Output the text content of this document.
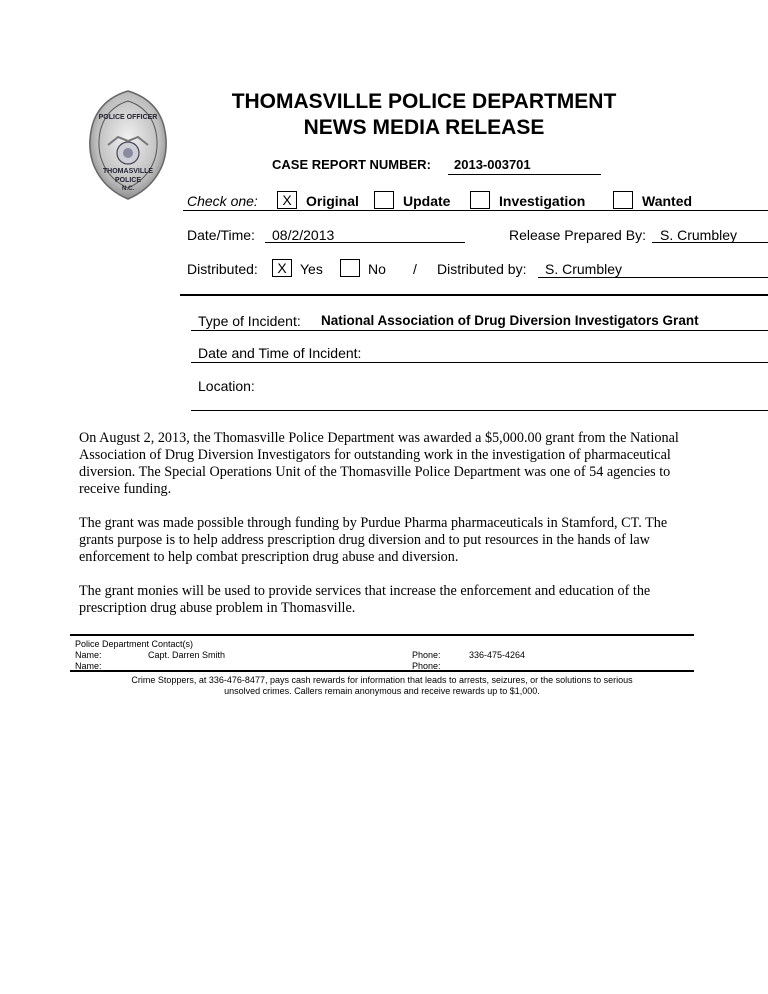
POLICE OFFICER
THOMASVILLE
POLICE
N.C.
THOMASVILLE POLICE DEPARTMENT
NEWS MEDIA RELEASE
CASE REPORT NUMBER: 2013-003701
Check one:	X	Original	Update	Investigation	Wanted
Date/Time: 08/2/2013	Release Prepared By: S. Crumbley
Distributed:	X Yes	No / Distributed by: S. Crumbley
Type of Incident: National Association of Drug Diversion Investigators Grant
Date and Time of Incident:
Location:

On August 2, 2013, the Thomasville Police Department was awarded a $5,000.00 grant from the National Association of Drug Diversion Investigators for outstanding work in the investigation of pharmaceutical diversion. The Special Operations Unit of the Thomasville Police Department was one of 54 agencies to receive funding.

The grant was made possible through funding by Purdue Pharma pharmaceuticals in Stamford, CT. The grants purpose is to help address prescription drug diversion and to put resources in the hands of law enforcement to help combat prescription drug abuse and diversion.

The grant monies will be used to provide services that increase the enforcement and education of the prescription drug abuse problem in Thomasville.

Police Department Contact(s)
Name:	Capt. Darren Smith	Phone:	336-475-4264
Name:	Phone:
Crime Stoppers, at 336-476-8477, pays cash rewards for information that leads to arrests, seizures, or the solutions to serious
unsolved crimes. Callers remain anonymous and receive rewards up to $1,000.
